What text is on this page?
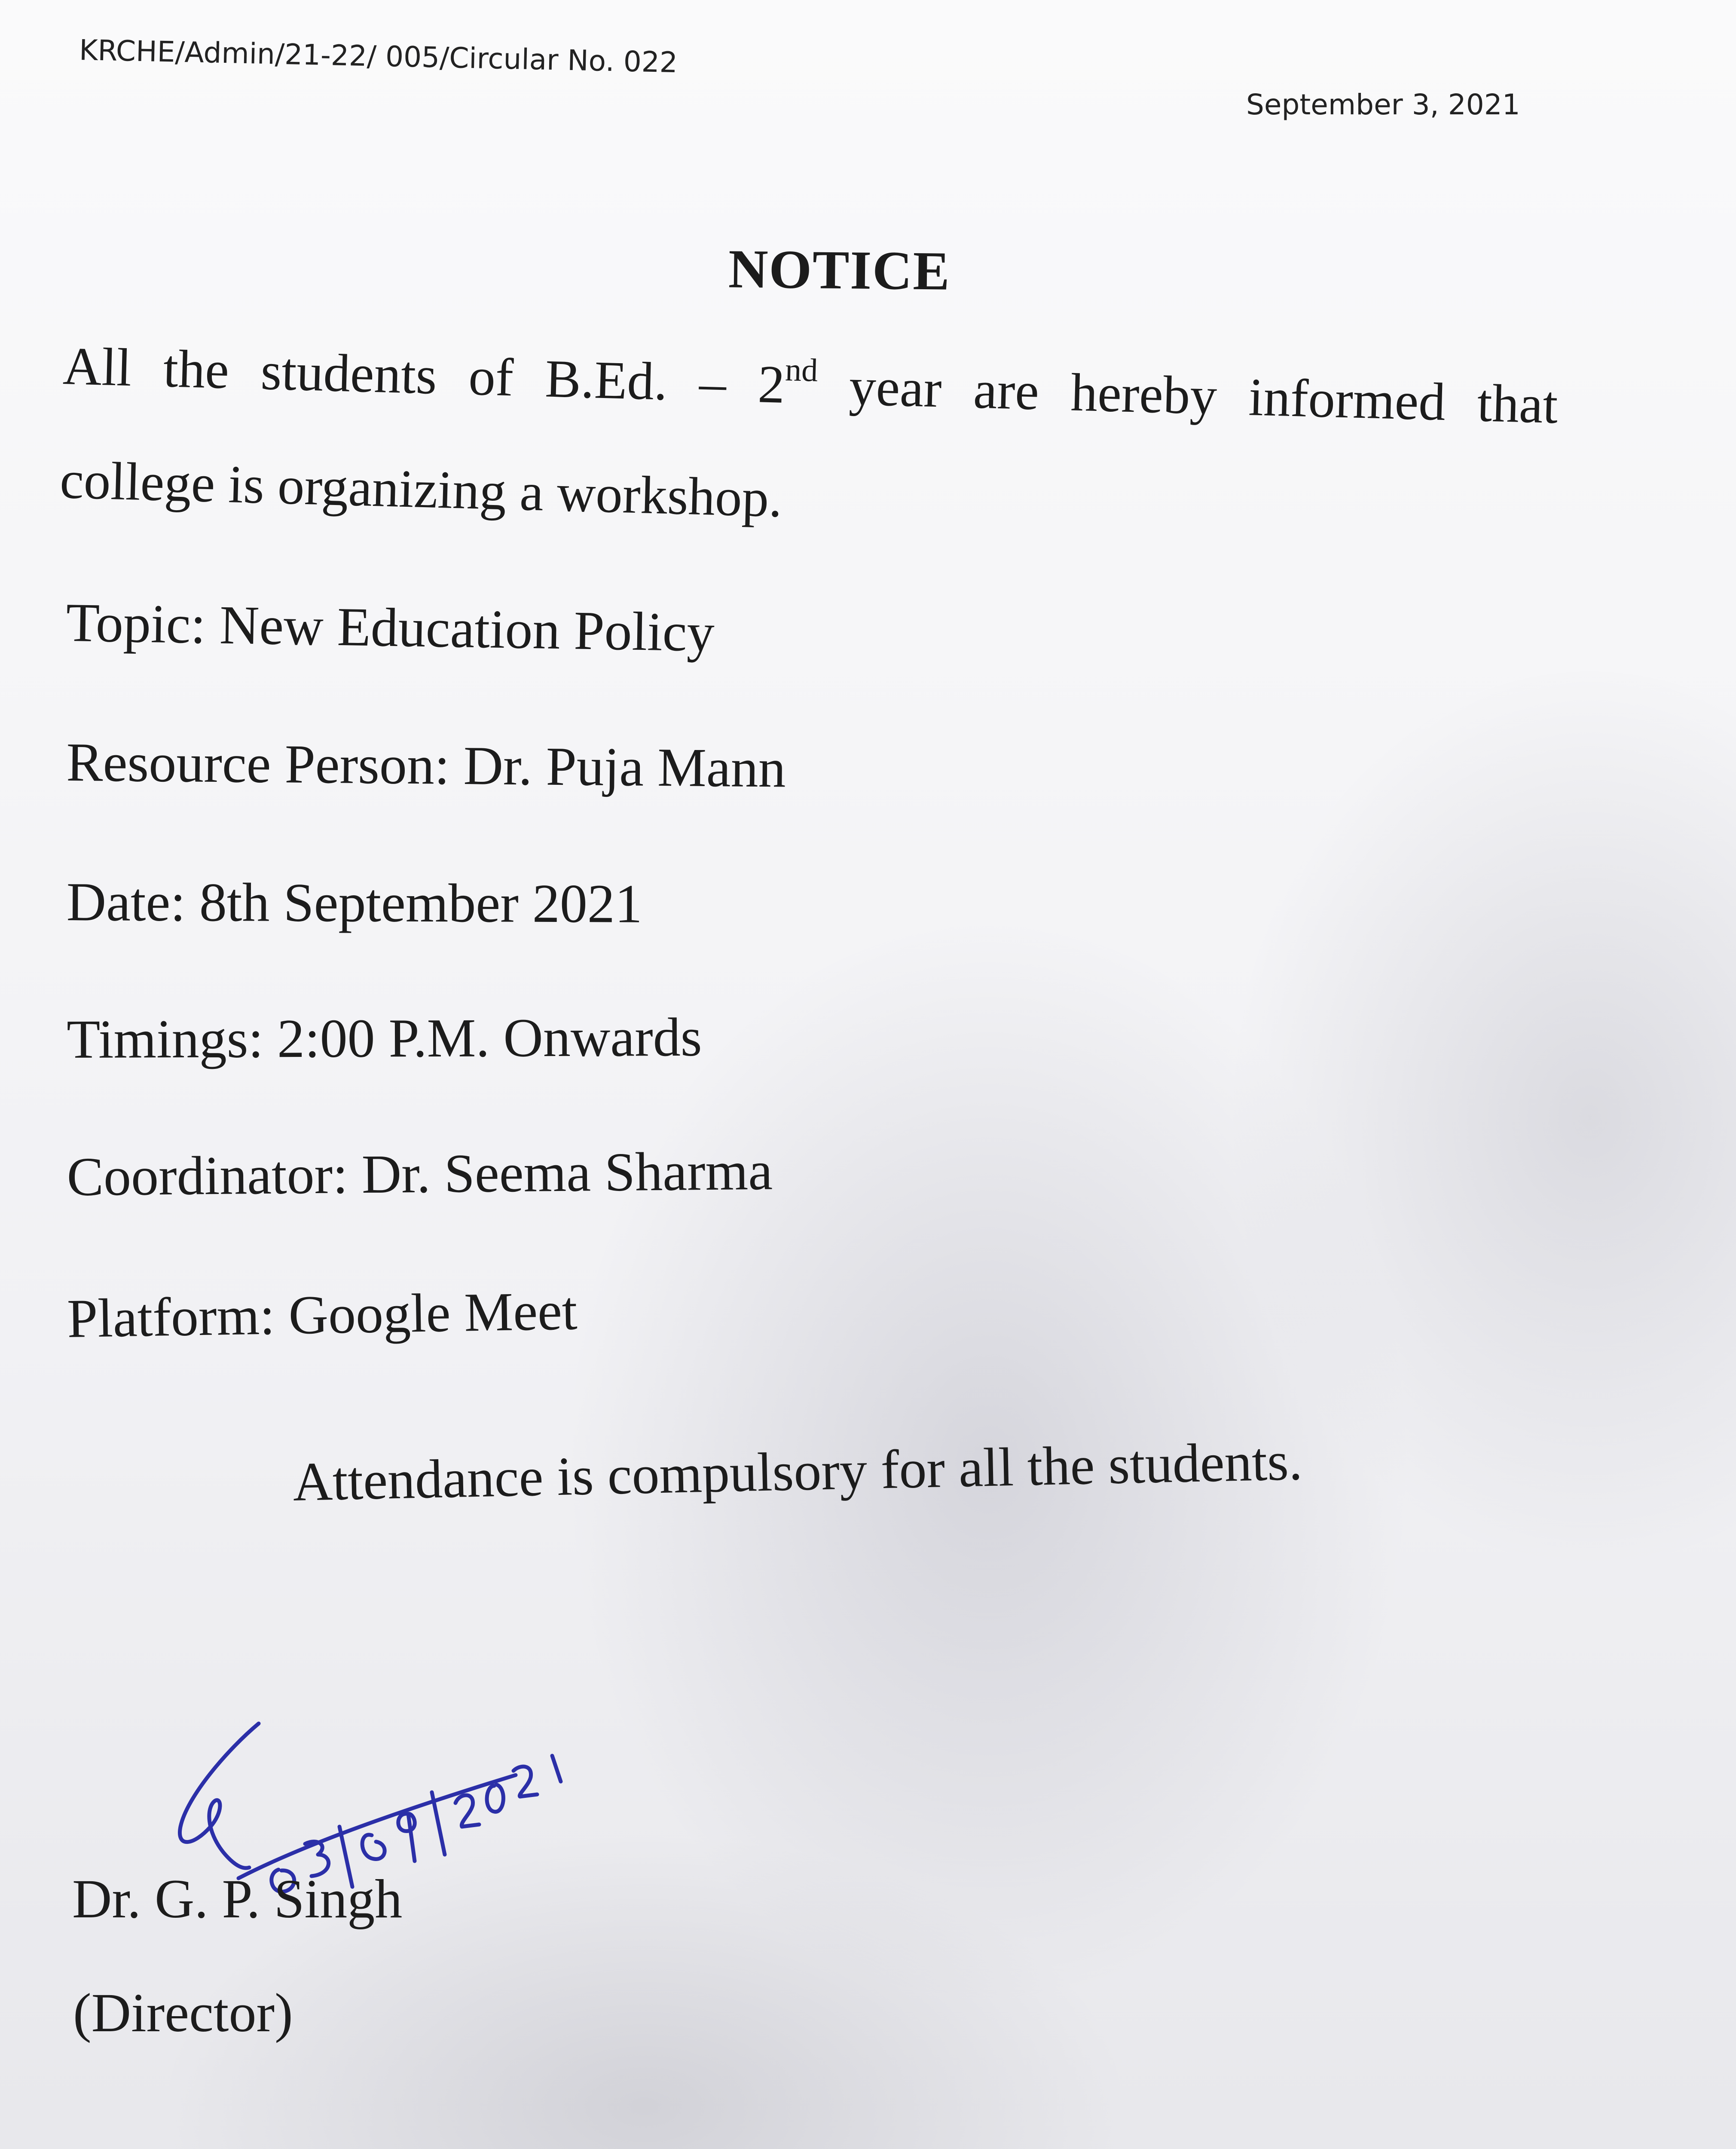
KRCHE/Admin/21-22/ 005/Circular No. 022
September 3, 2021
NOTICE
All the students of B.Ed. – 2nd year are hereby informed that
college is organizing a workshop.
Topic: New Education Policy
Resource Person: Dr. Puja Mann
Date: 8th September 2021
Timings: 2:00 P.M. Onwards
Coordinator: Dr. Seema Sharma
Platform: Google Meet
Attendance is compulsory for all the students.
Dr. G. P. Singh
(Director)
